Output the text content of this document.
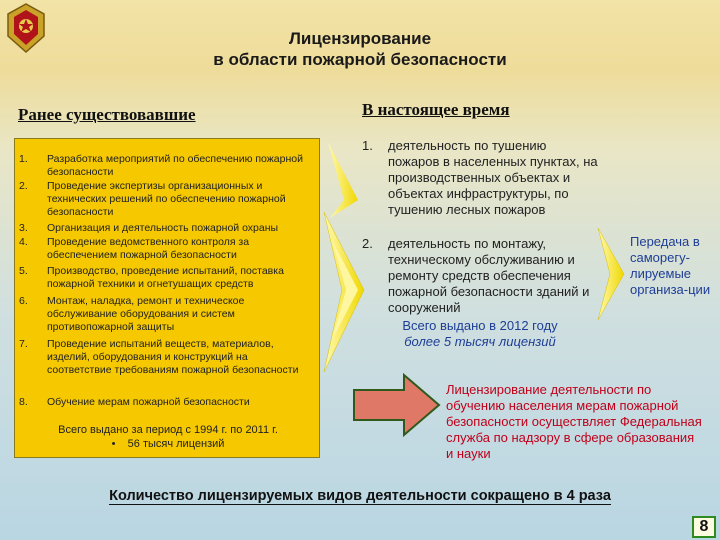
Лицензирование
в области пожарной безопасности
Ранее существовавшие	В настоящее время
1. Разработка мероприятий по обеспечению пожарной безопасности
2. Проведение экспертизы организационных и технических решений по обеспечению пожарной безопасности
3. Организация и деятельность пожарной охраны
4. Проведение ведомственного контроля за обеспечением пожарной безопасности
5. Производство, проведение испытаний, поставка пожарной техники и огнетушащих средств
6. Монтаж, наладка, ремонт и техническое обслуживание оборудования и систем противопожарной защиты
7. Проведение испытаний веществ, материалов, изделий, оборудования и конструкций на соответствие требованиям пожарной безопасности
8. Обучение мерам пожарной безопасности
Всего выдано за период с 1994 г. по 2011 г.
•    56 тысяч лицензий
1. деятельность по тушению пожаров в населенных пунктах, на производственных объектах и объектах инфраструктуры, по тушению лесных пожаров
2. деятельность по монтажу, техническому обслуживанию и ремонту средств обеспечения пожарной безопасности зданий и сооружений
Всего выдано в 2012 году
более 5 тысяч лицензий
Передача в саморегу-лируемые организа-ции
Лицензирование деятельности по обучению населения мерам пожарной безопасности осуществляет Федеральная служба по надзору в сфере образования и науки
Количество лицензируемых видов деятельности сокращено в 4 раза
8
